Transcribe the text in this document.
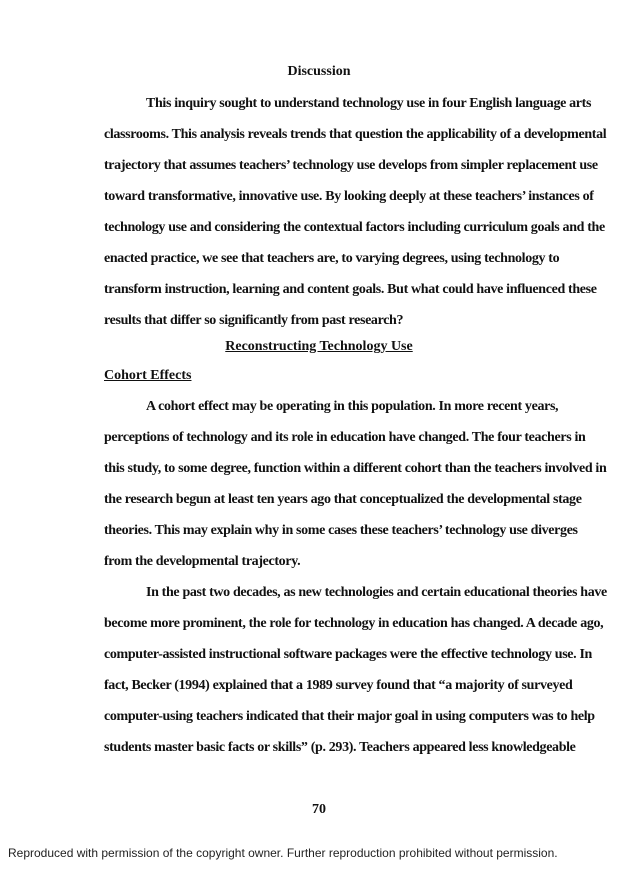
Discussion
This inquiry sought to understand technology use in four English language arts
classrooms. This analysis reveals trends that question the applicability of a developmental
trajectory that assumes teachers’ technology use develops from simpler replacement use
toward transformative, innovative use. By looking deeply at these teachers’ instances of
technology use and considering the contextual factors including curriculum goals and the
enacted practice, we see that teachers are, to varying degrees, using technology to
transform instruction, learning and content goals. But what could have influenced these
results that differ so significantly from past research?
Reconstructing Technology Use
Cohort Effects
A cohort effect may be operating in this population. In more recent years,
perceptions of technology and its role in education have changed. The four teachers in
this study, to some degree, function within a different cohort than the teachers involved in
the research begun at least ten years ago that conceptualized the developmental stage
theories. This may explain why in some cases these teachers’ technology use diverges
from the developmental trajectory.
In the past two decades, as new technologies and certain educational theories have
become more prominent, the role for technology in education has changed. A decade ago,
computer-assisted instructional software packages were the effective technology use. In
fact, Becker (1994) explained that a 1989 survey found that “a majority of surveyed
computer-using teachers indicated that their major goal in using computers was to help
students master basic facts or skills” (p. 293). Teachers appeared less knowledgeable
70
Reproduced with permission of the copyright owner. Further reproduction prohibited without permission.
